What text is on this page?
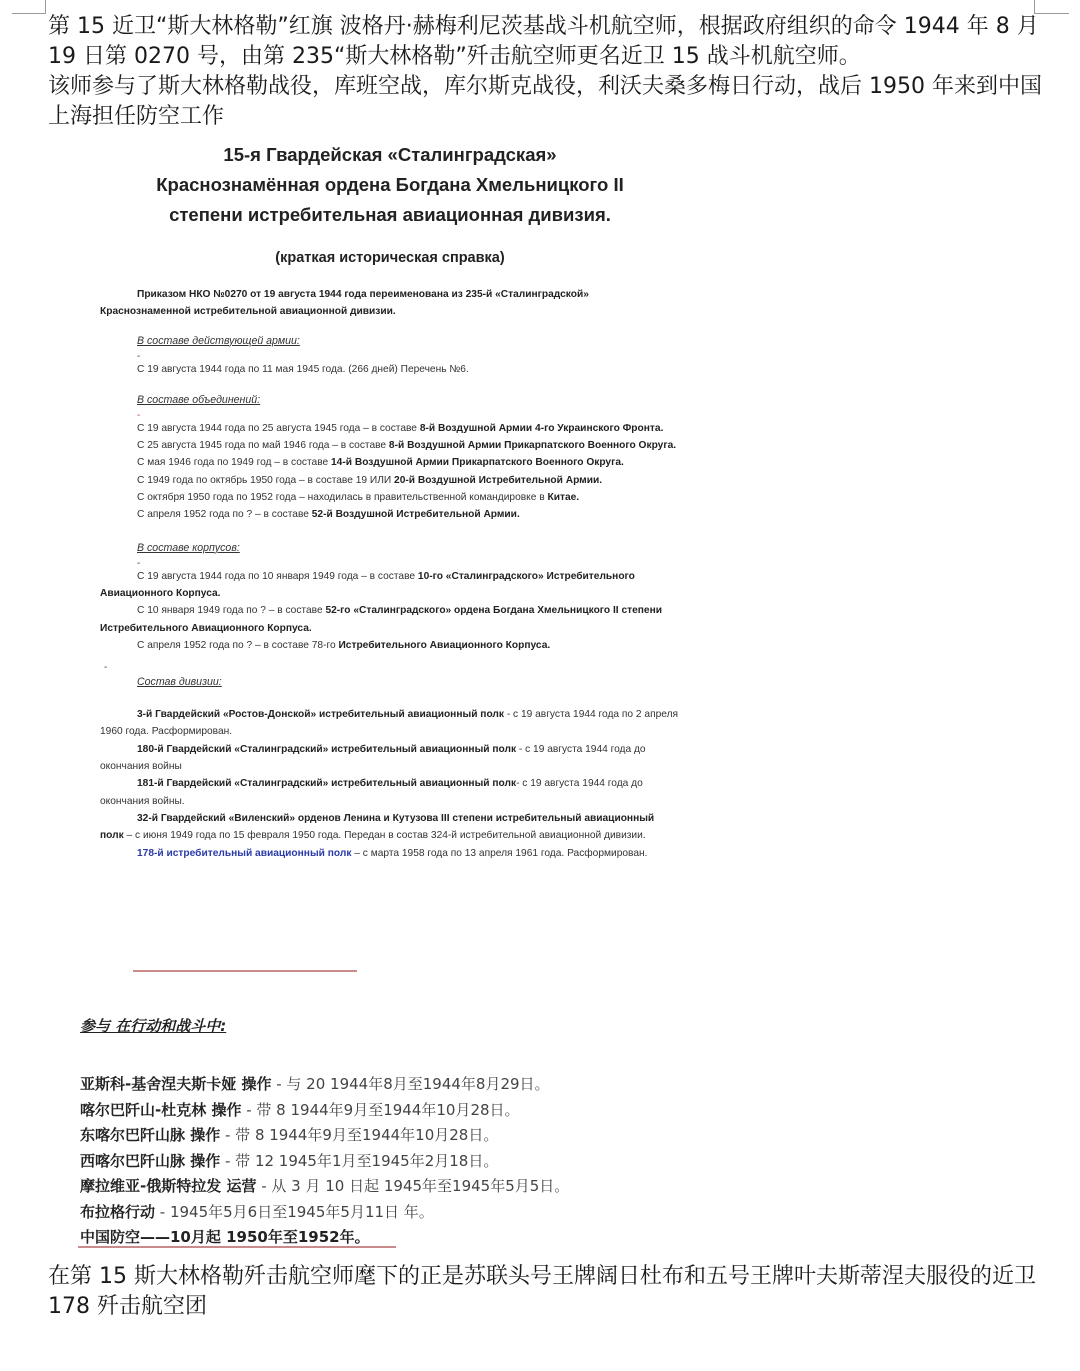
第 15 近卫“斯大林格勒”红旗 波格丹·赫梅利尼茨基战斗机航空师，根据政府组织的命令 1944 年 8 月 19 日第 0270 号，由第 235“斯大林格勒”歼击航空师更名近卫 15 战斗机航空师。

该师参与了斯大林格勒战役，库班空战，库尔斯克战役，利沃夫桑多梅日行动，战后 1950 年来到中国上海担任防空工作

15-я Гвардейская «Сталинградская»

Краснознамённая ордена Богдана Хмельницкого II

степени истребительная авиационная дивизия.

(краткая историческая справка)

Приказом НКО №0270 от 19 августа 1944 года переименована из 235-й «Сталинградской» Краснознаменной истребительной авиационной дивизии.

В составе действующей армии:

-

С 19 августа 1944 года по 11 мая 1945 года. (266 дней) Перечень №6.

В составе объединений:

-

С 19 августа 1944 года по 25 августа 1945 года – в составе 8-й Воздушной Армии 4-го Украинского Фронта.

С 25 августа 1945 года по май 1946 года – в составе 8-й Воздушной Армии Прикарпатского Военного Округа.

С мая 1946 года по 1949 год – в составе 14-й Воздушной Армии Прикарпатского Военного Округа.

С 1949 года по октябрь 1950 года – в составе 19 ИЛИ 20-й Воздушной Истребительной Армии.

С октября 1950 года по 1952 года – находилась в правительственной командировке в Китае.

С апреля 1952 года по ? – в составе 52-й Воздушной Истребительной Армии.

В составе корпусов:

-

С 19 августа 1944 года по 10 января 1949 года – в составе 10-го «Сталинградского» Истребительного Авиационного Корпуса.

С 10 января 1949 года по ? – в составе 52-го «Сталинградского» ордена Богдана Хмельницкого II степени Истребительного Авиационного Корпуса.

С апреля 1952 года по ? – в составе 78-го Истребительного Авиационного Корпуса.

-

Состав дивизии:

3-й Гвардейский «Ростов-Донской» истребительный авиационный полк - с 19 августа 1944 года по 2 апреля 1960 года. Расформирован.

180-й Гвардейский «Сталинградский» истребительный авиационный полк - с 19 августа 1944 года до окончания войны

181-й Гвардейский «Сталинградский» истребительный авиационный полк- с 19 августа 1944 года до окончания войны.

32-й Гвардейский «Виленский» орденов Ленина и Кутузова III степени истребительный авиационный полк – с июня 1949 года по 15 февраля 1950 года. Передан в состав 324-й истребительной авиационной дивизии.

178-й истребительный авиационный полк – с марта 1958 года по 13 апреля 1961 года. Расформирован.

参与 在行动和战斗中:

亚斯科-基舍涅夫斯卡娅 操作 - 与 20 1944年8月至1944年8月29日。

喀尔巴阡山-杜克林 操作 - 带 8 1944年9月至1944年10月28日。

东喀尔巴阡山脉 操作 - 带 8 1944年9月至1944年10月28日。

西喀尔巴阡山脉 操作 - 带 12 1945年1月至1945年2月18日。

摩拉维亚-俄斯特拉发 运营 - 从 3 月 10 日起 1945年至1945年5月5日。

布拉格行动 - 1945年5月6日至1945年5月11日 年。

中国防空——10月起 1950年至1952年。

在第 15 斯大林格勒歼击航空师麾下的正是苏联头号王牌阔日杜布和五号王牌叶夫斯蒂涅夫服役的近卫 178 歼击航空团
